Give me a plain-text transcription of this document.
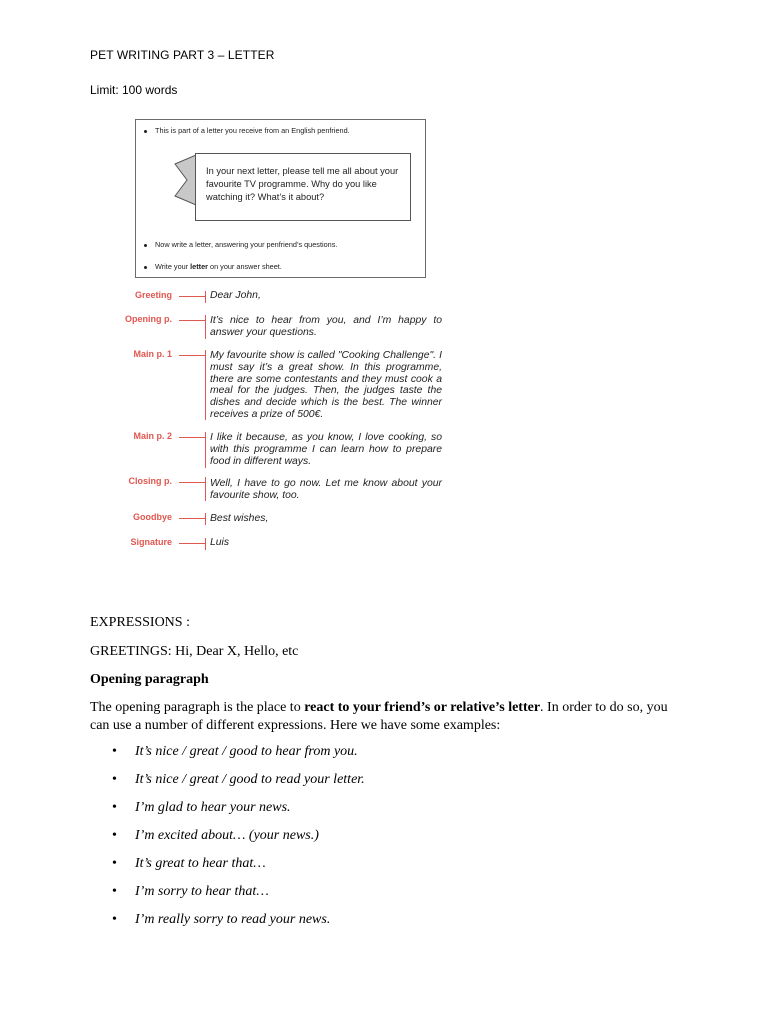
PET WRITING PART 3 – LETTER
Limit: 100 words
This is part of a letter you receive from an English penfriend.
In your next letter, please tell me all about your favourite TV programme. Why do you like watching it? What’s it about?
Now write a letter, answering your penfriend’s questions.
Write your letter on your answer sheet.
Greeting	Dear John,
Opening p.	It’s nice to hear from you, and I’m happy to answer your questions.
Main p. 1	My favourite show is called "Cooking Challenge". I must say it’s a great show. In this programme, there are some contestants and they must cook a meal for the judges. Then, the judges taste the dishes and decide which is the best. The winner receives a prize of 500€.
Main p. 2	I like it because, as you know, I love cooking, so with this programme I can learn how to prepare food in different ways.
Closing p.	Well, I have to go now. Let me know about your favourite show, too.
Goodbye	Best wishes,
Signature	Luis
EXPRESSIONS :
GREETINGS: Hi, Dear X, Hello, etc
Opening paragraph
The opening paragraph is the place to react to your friend’s or relative’s letter. In order to do so, you can use a number of different expressions. Here we have some examples:
• It’s nice / great / good to hear from you.
• It’s nice / great / good to read your letter.
• I’m glad to hear your news.
• I’m excited about… (your news.)
• It’s great to hear that…
• I’m sorry to hear that…
• I’m really sorry to read your news.
